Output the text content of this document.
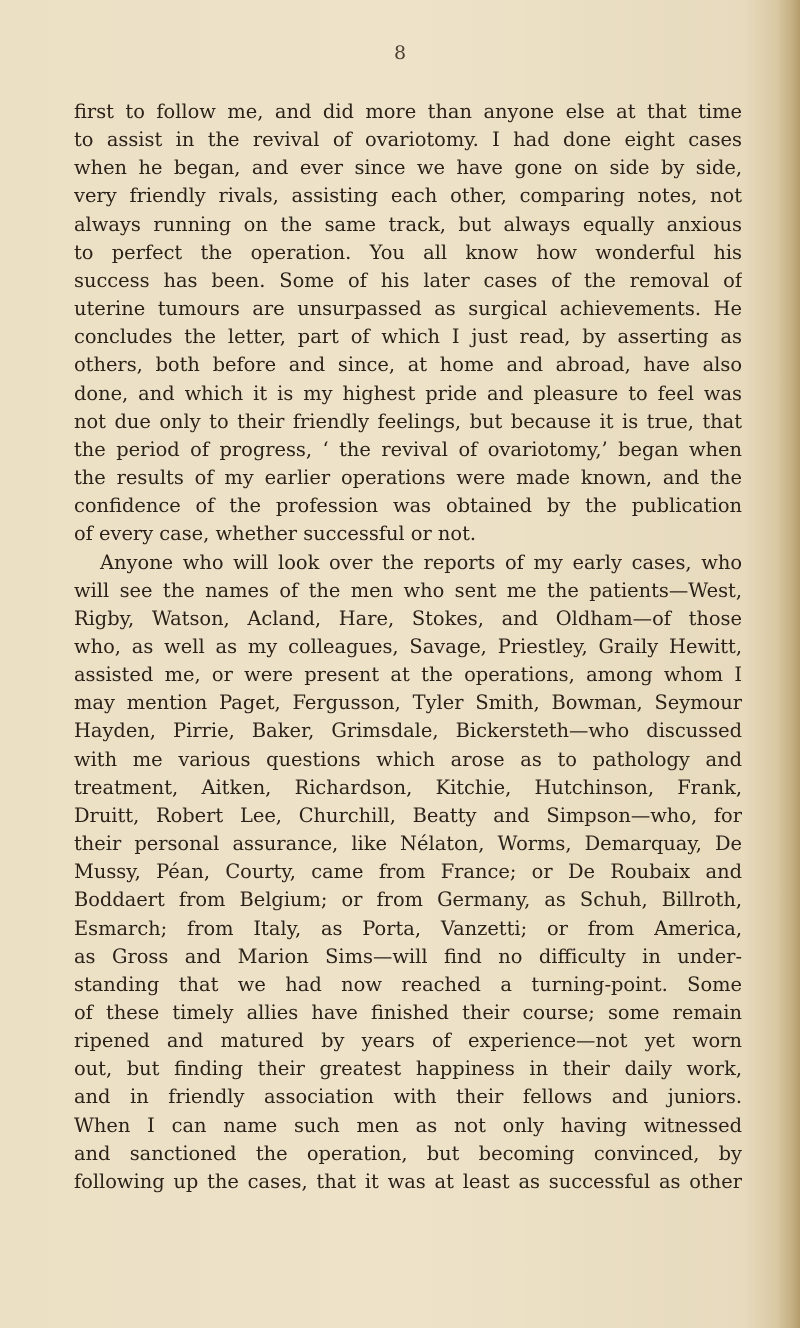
8
first to follow me, and did more than anyone else at that time
to assist in the revival of ovariotomy. I had done eight cases
when he began, and ever since we have gone on side by side,
very friendly rivals, assisting each other, comparing notes, not
always running on the same track, but always equally anxious
to perfect the operation. You all know how wonderful his
success has been. Some of his later cases of the removal of
uterine tumours are unsurpassed as surgical achievements. He
concludes the letter, part of which I just read, by asserting as
others, both before and since, at home and abroad, have also
done, and which it is my highest pride and pleasure to feel was
not due only to their friendly feelings, but because it is true, that
the period of progress, ‘ the revival of ovariotomy,’ began when
the results of my earlier operations were made known, and the
confidence of the profession was obtained by the publication
of every case, whether successful or not.
Anyone who will look over the reports of my early cases, who
will see the names of the men who sent me the patients—West,
Rigby, Watson, Acland, Hare, Stokes, and Oldham—of those
who, as well as my colleagues, Savage, Priestley, Graily Hewitt,
assisted me, or were present at the operations, among whom I
may mention Paget, Fergusson, Tyler Smith, Bowman, Seymour
Hayden, Pirrie, Baker, Grimsdale, Bickersteth—who discussed
with me various questions which arose as to pathology and
treatment, Aitken, Richardson, Kitchie, Hutchinson, Frank,
Druitt, Robert Lee, Churchill, Beatty and Simpson—who, for
their personal assurance, like Nélaton, Worms, Demarquay, De
Mussy, Péan, Courty, came from France; or De Roubaix and
Boddaert from Belgium; or from Germany, as Schuh, Billroth,
Esmarch; from Italy, as Porta, Vanzetti; or from America,
as Gross and Marion Sims—will find no difficulty in under-
standing that we had now reached a turning-point. Some
of these timely allies have finished their course; some remain
ripened and matured by years of experience—not yet worn
out, but finding their greatest happiness in their daily work,
and in friendly association with their fellows and juniors.
When I can name such men as not only having witnessed
and sanctioned the operation, but becoming convinced, by
following up the cases, that it was at least as successful as other
